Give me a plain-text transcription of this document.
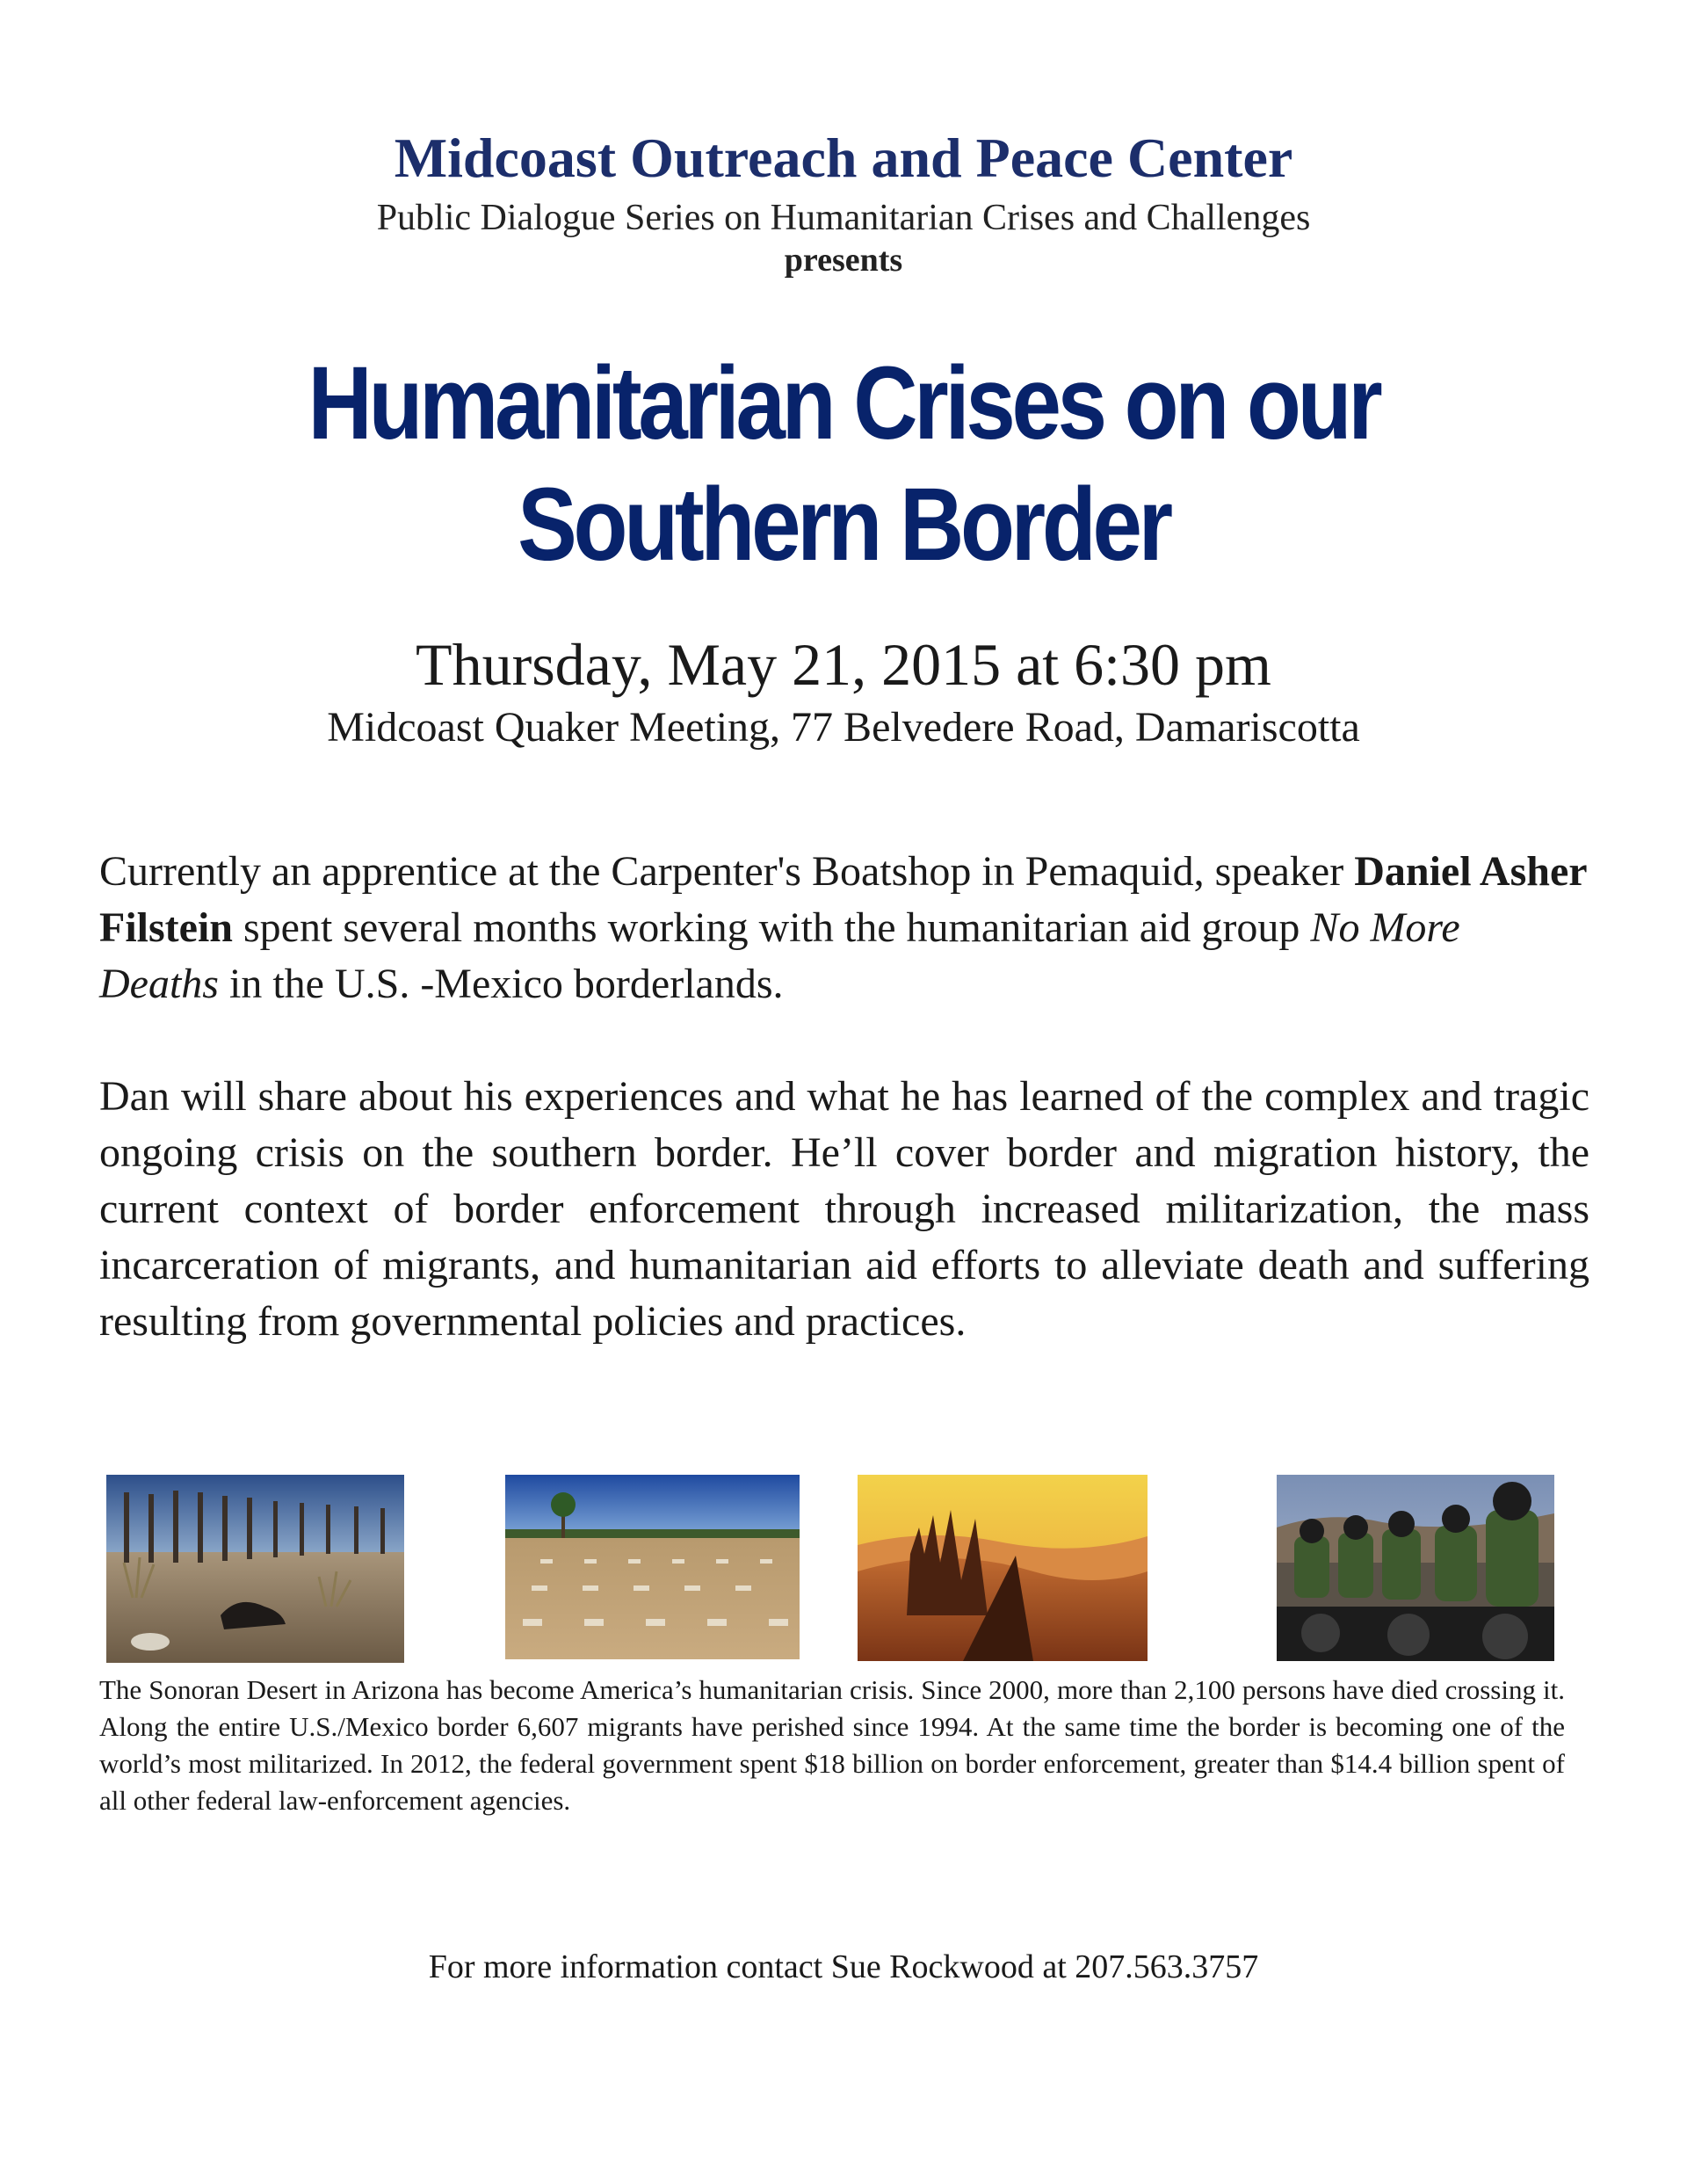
Midcoast Outreach and Peace Center
Public Dialogue Series on Humanitarian Crises and Challenges
presents
Humanitarian Crises on our
Southern Border
Thursday, May 21, 2015 at 6:30 pm
Midcoast Quaker Meeting, 77 Belvedere Road, Damariscotta
Currently an apprentice at the Carpenter's Boatshop in Pemaquid, speaker Daniel Asher Filstein spent several months working with the humanitarian aid group No More Deaths in the U.S. -Mexico borderlands.
Dan will share about his experiences and what he has learned of the complex and tragic ongoing crisis on the southern border. He’ll cover border and migration history, the current context of border enforcement through increased militarization, the mass incarceration of migrants, and humanitarian aid efforts to alleviate death and suffering resulting from governmental policies and practices.
The Sonoran Desert in Arizona has become America’s humanitarian crisis. Since 2000, more than 2,100 persons have died crossing it. Along the entire U.S./Mexico border 6,607 migrants have perished since 1994. At the same time the border is becoming one of the world’s most militarized. In 2012, the federal government spent $18 billion on border enforcement, greater than $14.4 billion spent of all other federal law-enforcement agencies.
For more information contact Sue Rockwood at 207.563.3757
